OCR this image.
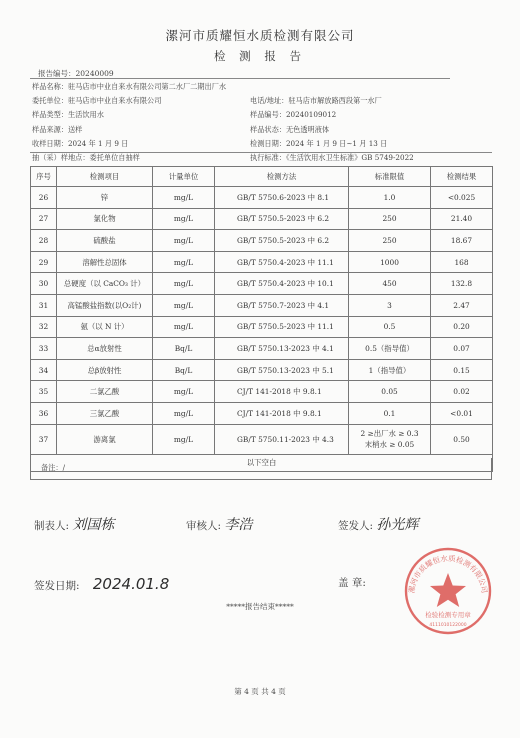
漯河市质耀恒水质检测有限公司
检 测 报 告
报告编号：20240009
样品名称：驻马店市中业自来水有限公司第二水厂二期出厂水
委托单位：驻马店市中业自来水有限公司	电话/地址：驻马店市解放路西段第一水厂
样品类型：生活饮用水	样品编号：20240109012
样品来源：送样	样品状态：无色透明液体
收样日期：2024 年 1 月 9 日	检测日期：2024 年 1 月 9 日~1 月 13 日
抽（采）样地点：委托单位自抽样	执行标准：《生活饮用水卫生标准》GB 5749-2022
序号	检测项目	计量单位	检测方法	标准限值	检测结果
26	锌	mg/L	GB/T 5750.6-2023 中 8.1	1.0	<0.025
27	氯化物	mg/L	GB/T 5750.5-2023 中 6.2	250	21.40
28	硫酸盐	mg/L	GB/T 5750.5-2023 中 6.2	250	18.67
29	溶解性总固体	mg/L	GB/T 5750.4-2023 中 11.1	1000	168
30	总硬度（以 CaCO₃ 计）	mg/L	GB/T 5750.4-2023 中 10.1	450	132.8
31	高锰酸盐指数(以O₂计)	mg/L	GB/T 5750.7-2023 中 4.1	3	2.47
32	氨（以 N 计）	mg/L	GB/T 5750.5-2023 中 11.1	0.5	0.20
33	总α放射性	Bq/L	GB/T 5750.13-2023 中 4.1	0.5（指导值）	0.07
34	总β放射性	Bq/L	GB/T 5750.13-2023 中 5.1	1（指导值）	0.15
35	二氯乙酸	mg/L	CJ/T 141-2018 中 9.8.1	0.05	0.02
36	三氯乙酸	mg/L	CJ/T 141-2018 中 9.8.1	0.1	<0.01
37	游离氯	mg/L	GB/T 5750.11-2023 中 4.3	2 ≥出厂水 ≥ 0.3
末梢水 ≥ 0.05	0.50
以下空白					
备注：/
制表人: 刘国栋	审核人: 李浩	签发人: 孙光辉
签发日期: 2024.01.8	盖 章:
漯河市质耀恒水质检测有限公司
检验检测专用章
4111010122000
*****报告结束*****
第 4 页 共 4 页
